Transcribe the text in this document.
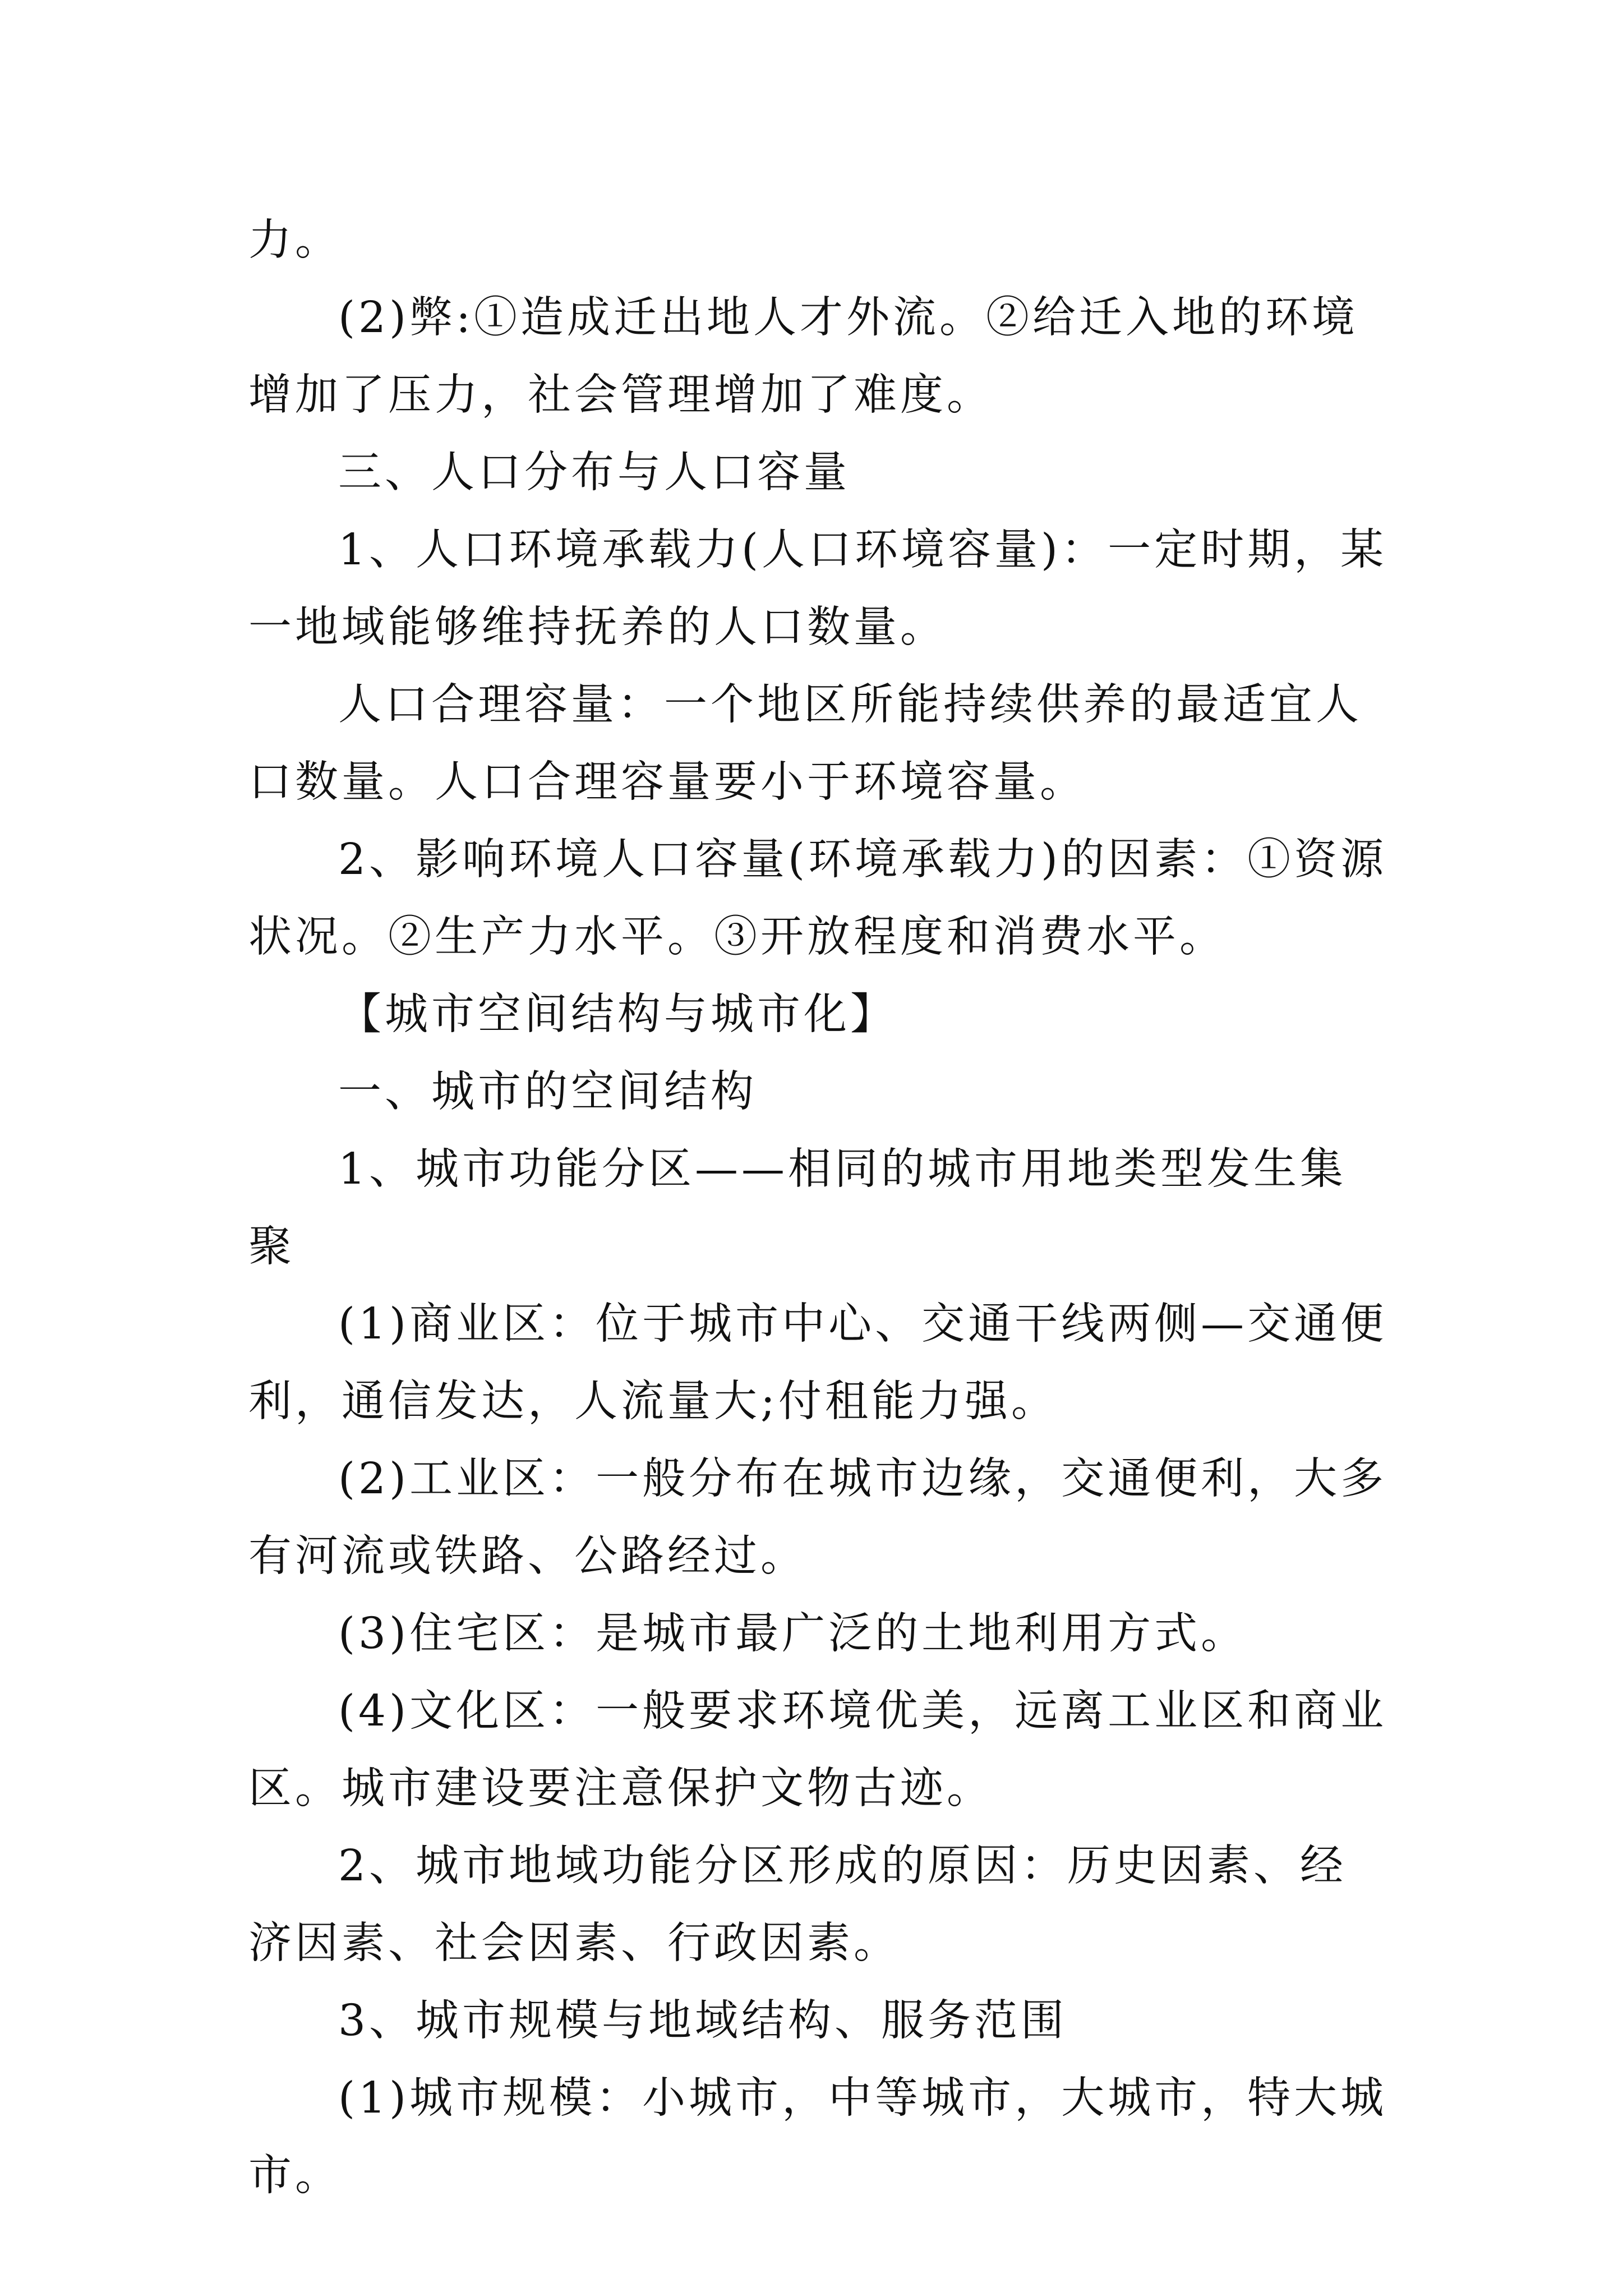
力。

(2)弊:①造成迁出地人才外流。②给迁入地的环境增加了压力，社会管理增加了难度。

三、人口分布与人口容量

1、人口环境承载力(人口环境容量)：一定时期，某一地域能够维持抚养的人口数量。

人口合理容量：一个地区所能持续供养的最适宜人口数量。人口合理容量要小于环境容量。

2、影响环境人口容量(环境承载力)的因素：①资源状况。②生产力水平。③开放程度和消费水平。

【城市空间结构与城市化】

一、城市的空间结构

1、城市功能分区——相同的城市用地类型发生集聚

(1)商业区：位于城市中心、交通干线两侧—交通便利，通信发达，人流量大;付租能力强。

(2)工业区：一般分布在城市边缘，交通便利，大多有河流或铁路、公路经过。

(3)住宅区：是城市最广泛的土地利用方式。

(4)文化区：一般要求环境优美，远离工业区和商业区。城市建设要注意保护文物古迹。

2、城市地域功能分区形成的原因：历史因素、经济因素、社会因素、行政因素。

3、城市规模与地域结构、服务范围

(1)城市规模：小城市，中等城市，大城市，特大城市。
